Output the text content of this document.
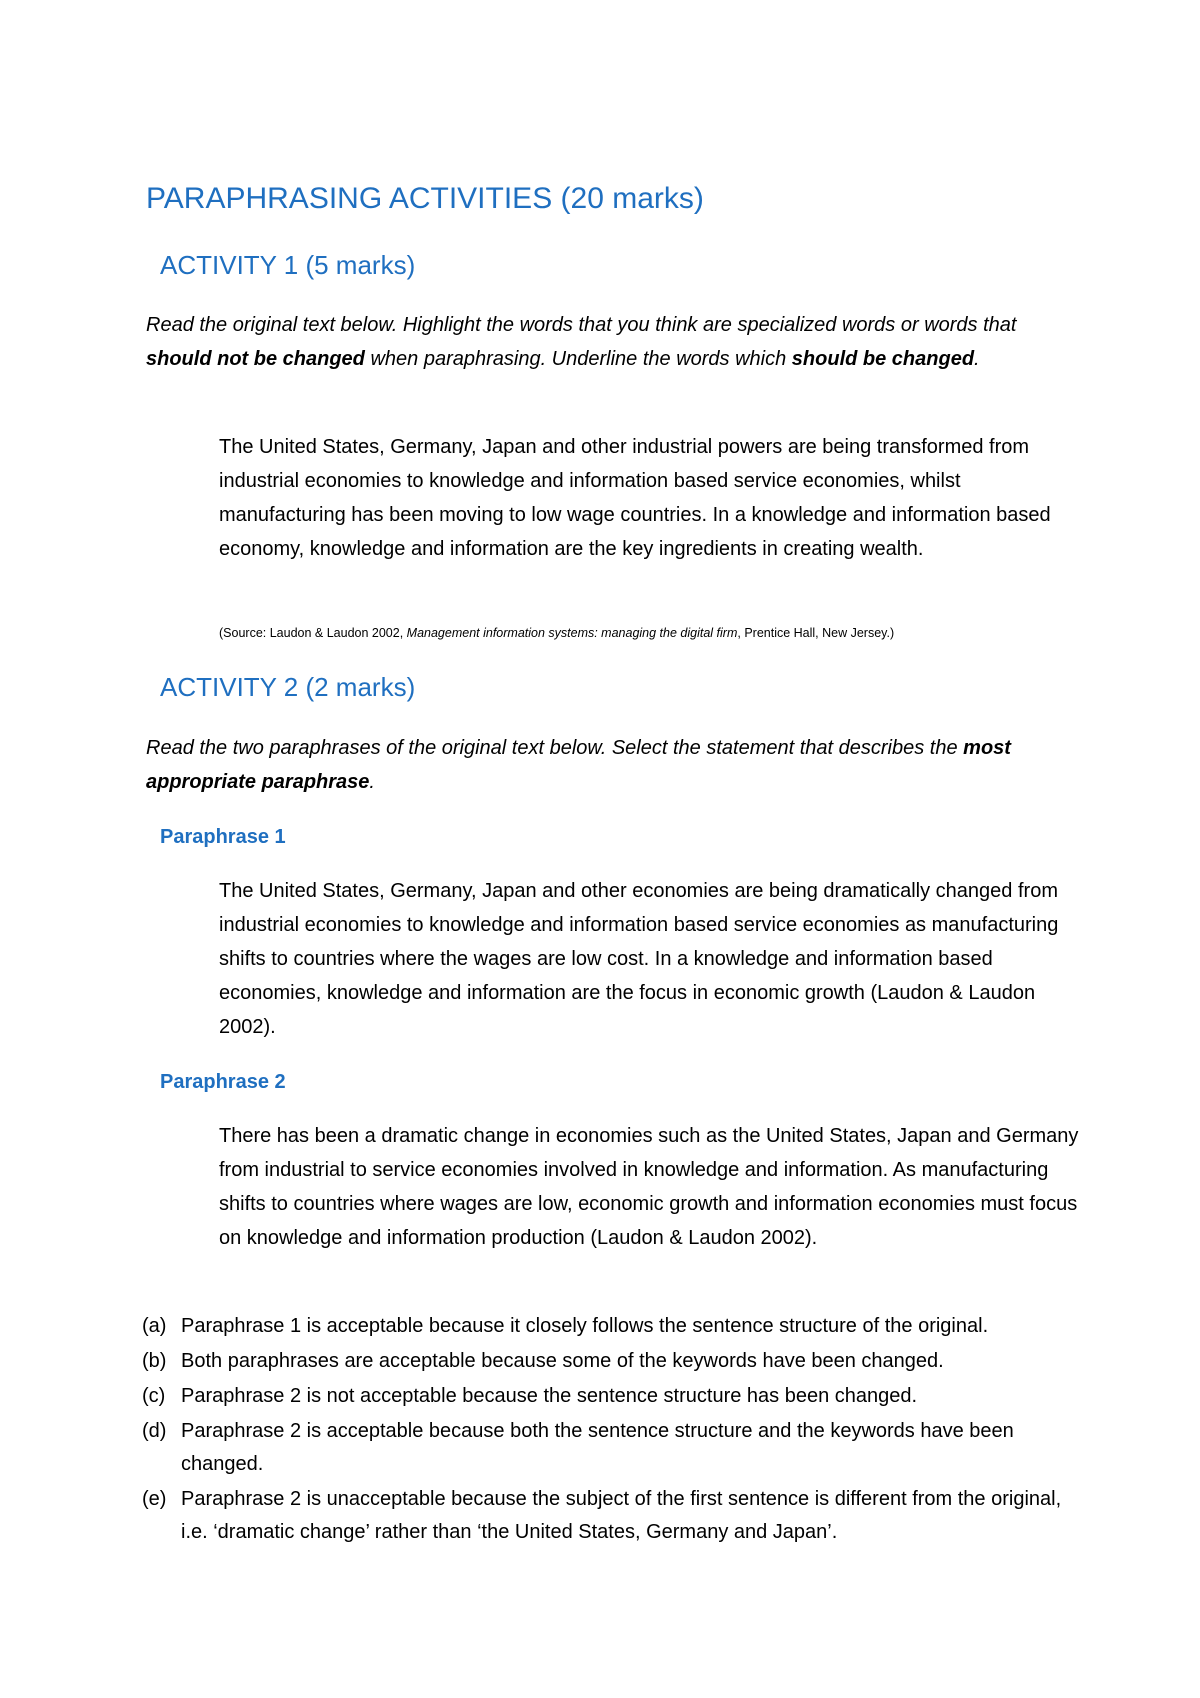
PARAPHRASING ACTIVITIES (20 marks)
ACTIVITY 1 (5 marks)

Read the original text below. Highlight the words that you think are specialized words or words that should not be changed when paraphrasing. Underline the words which should be changed.

The United States, Germany, Japan and other industrial powers are being transformed from industrial economies to knowledge and information based service economies, whilst manufacturing has been moving to low wage countries. In a knowledge and information based economy, knowledge and information are the key ingredients in creating wealth.

(Source: Laudon & Laudon 2002, Management information systems: managing the digital firm, Prentice Hall, New Jersey.)

ACTIVITY 2 (2 marks)

Read the two paraphrases of the original text below. Select the statement that describes the most appropriate paraphrase.

Paraphrase 1

The United States, Germany, Japan and other economies are being dramatically changed from industrial economies to knowledge and information based service economies as manufacturing shifts to countries where the wages are low cost. In a knowledge and information based economies, knowledge and information are the focus in economic growth (Laudon & Laudon 2002).

Paraphrase 2

There has been a dramatic change in economies such as the United States, Japan and Germany from industrial to service economies involved in knowledge and information. As manufacturing shifts to countries where wages are low, economic growth and information economies must focus on knowledge and information production (Laudon & Laudon 2002).

(a) Paraphrase 1 is acceptable because it closely follows the sentence structure of the original.
(b) Both paraphrases are acceptable because some of the keywords have been changed.
(c) Paraphrase 2 is not acceptable because the sentence structure has been changed.
(d) Paraphrase 2 is acceptable because both the sentence structure and the keywords have been changed.
(e) Paraphrase 2 is unacceptable because the subject of the first sentence is different from the original, i.e. ‘dramatic change’ rather than ‘the United States, Germany and Japan’.
